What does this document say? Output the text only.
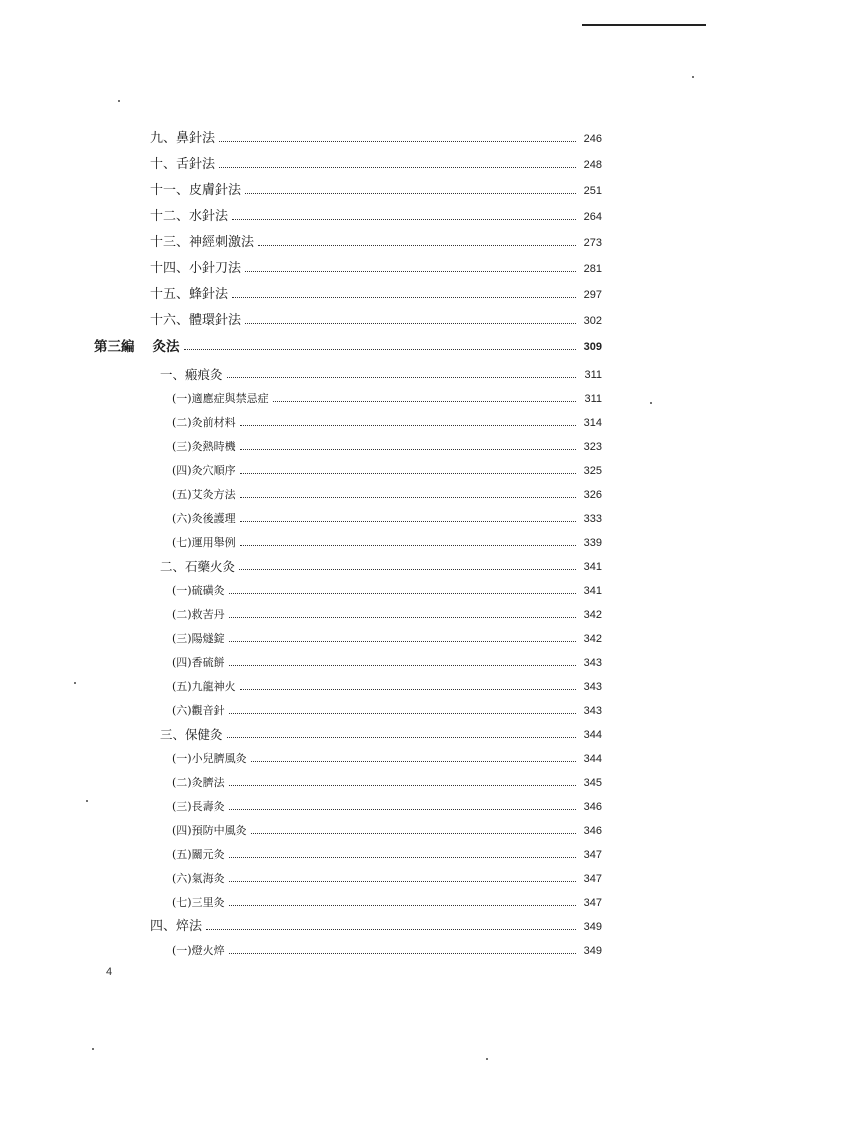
九、鼻針法	246
十、舌針法	248
十一、皮膚針法	251
十二、水針法	264
十三、神經刺激法	273
十四、小針刀法	281
十五、蜂針法	297
十六、體環針法	302
第三編 灸法	309
一、瘢痕灸	311
(一)適應症與禁忌症	311
(二)灸前材料	314
(三)灸熱時機	323
(四)灸穴順序	325
(五)艾灸方法	326
(六)灸後護理	333
(七)運用舉例	339
二、石藥火灸	341
(一)硫磺灸	341
(二)救苦丹	342
(三)陽燧錠	342
(四)香硫餅	343
(五)九龍神火	343
(六)觀音針	343
三、保健灸	344
(一)小兒臍風灸	344
(二)灸臍法	345
(三)長壽灸	346
(四)預防中風灸	346
(五)關元灸	347
(六)氣海灸	347
(七)三里灸	347
四、焠法	349
(一)燈火焠	349
4
